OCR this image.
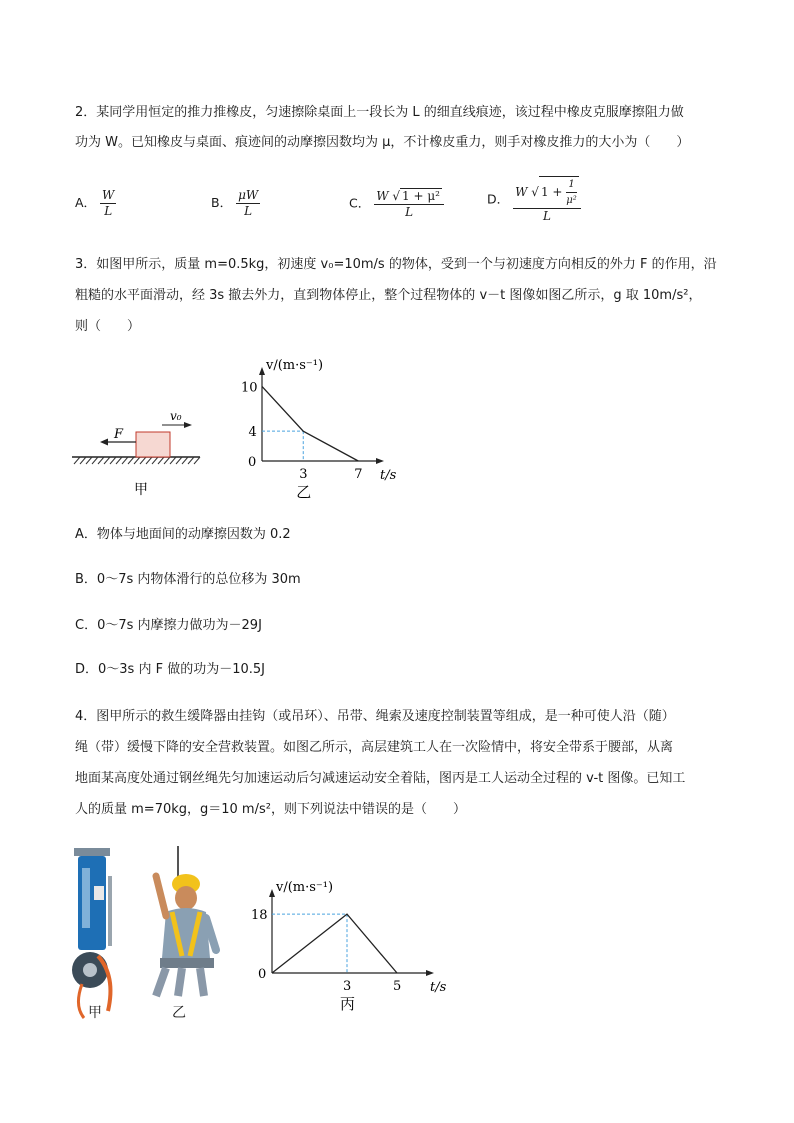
2．某同学用恒定的推力推橡皮，匀速擦除桌面上一段长为 L 的细直线痕迹，该过程中橡皮克服摩擦阻力做
功为 W。已知橡皮与桌面、痕迹间的动摩擦因数均为 μ，不计橡皮重力，则手对橡皮推力的大小为（　　）
A． $\frac{W}{L}$	B． $\frac{\mu W}{L}$	C． $\frac{\text{W √ 1 + μ²}}{L}$	D． $\frac{W √ 1 + \frac{1}{\text{μ²}}}{L}$
3．如图甲所示，质量 m=0.5kg，初速度 v₀=10m/s 的物体，受到一个与初速度方向相反的外力 F 的作用，沿
粗糙的水平面滑动，经 3s 撤去外力，直到物体停止，整个过程物体的 v－t 图像如图乙所示，g 取 10m/s²，
则（　　）
F
v₀
甲
v/(m·s⁻¹)
t/s
0
3	7
10
4
乙
A．物体与地面间的动摩擦因数为 0.2
B．0～7s 内物体滑行的总位移为 30m
C．0～7s 内摩擦力做功为－29J
D．0～3s 内 F 做的功为－10.5J
4．图甲所示的救生缓降器由挂钩（或吊环）、吊带、绳索及速度控制装置等组成，是一种可使人沿（随）
绳（带）缓慢下降的安全营救装置。如图乙所示，高层建筑工人在一次险情中，将安全带系于腰部，从离
地面某高度处通过钢丝绳先匀加速运动后匀减速运动安全着陆，图丙是工人运动全过程的 v-t 图像。已知工
人的质量 m=70kg，g＝10 m/s²，则下列说法中错误的是（　　）
甲	乙
v/(m·s⁻¹)
t/s
0
3	5
18
丙
